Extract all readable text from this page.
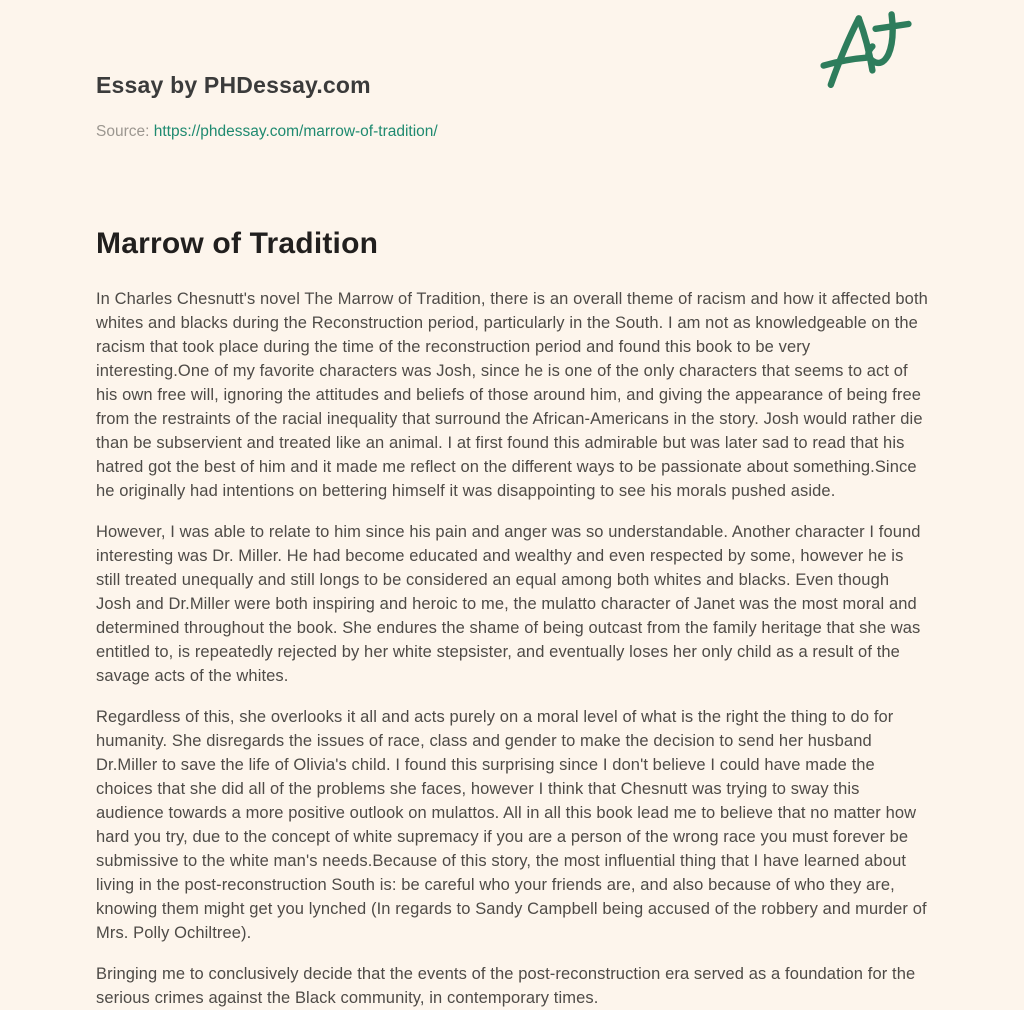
Essay by PHDessay.com

Source: https://phdessay.com/marrow-of-tradition/

Marrow of Tradition

In Charles Chesnutt's novel The Marrow of Tradition, there is an overall theme of racism and how it affected both whites and blacks during the Reconstruction period, particularly in the South. I am not as knowledgeable on the racism that took place during the time of the reconstruction period and found this book to be very interesting.One of my favorite characters was Josh, since he is one of the only characters that seems to act of his own free will, ignoring the attitudes and beliefs of those around him, and giving the appearance of being free from the restraints of the racial inequality that surround the African-Americans in the story. Josh would rather die than be subservient and treated like an animal. I at first found this admirable but was later sad to read that his hatred got the best of him and it made me reflect on the different ways to be passionate about something.Since he originally had intentions on bettering himself it was disappointing to see his morals pushed aside.

However, I was able to relate to him since his pain and anger was so understandable. Another character I found interesting was Dr. Miller. He had become educated and wealthy and even respected by some, however he is still treated unequally and still longs to be considered an equal among both whites and blacks. Even though Josh and Dr.Miller were both inspiring and heroic to me, the mulatto character of Janet was the most moral and determined throughout the book. She endures the shame of being outcast from the family heritage that she was entitled to, is repeatedly rejected by her white stepsister, and eventually loses her only child as a result of the savage acts of the whites.

Regardless of this, she overlooks it all and acts purely on a moral level of what is the right the thing to do for humanity. She disregards the issues of race, class and gender to make the decision to send her husband Dr.Miller to save the life of Olivia's child. I found this surprising since I don't believe I could have made the choices that she did all of the problems she faces, however I think that Chesnutt was trying to sway this audience towards a more positive outlook on mulattos. All in all this book lead me to believe that no matter how hard you try, due to the concept of white supremacy if you are a person of the wrong race you must forever be submissive to the white man's needs.Because of this story, the most influential thing that I have learned about living in the post-reconstruction South is: be careful who your friends are, and also because of who they are, knowing them might get you lynched (In regards to Sandy Campbell being accused of the robbery and murder of Mrs. Polly Ochiltree).

Bringing me to conclusively decide that the events of the post-reconstruction era served as a foundation for the serious crimes against the Black community, in contemporary times.
